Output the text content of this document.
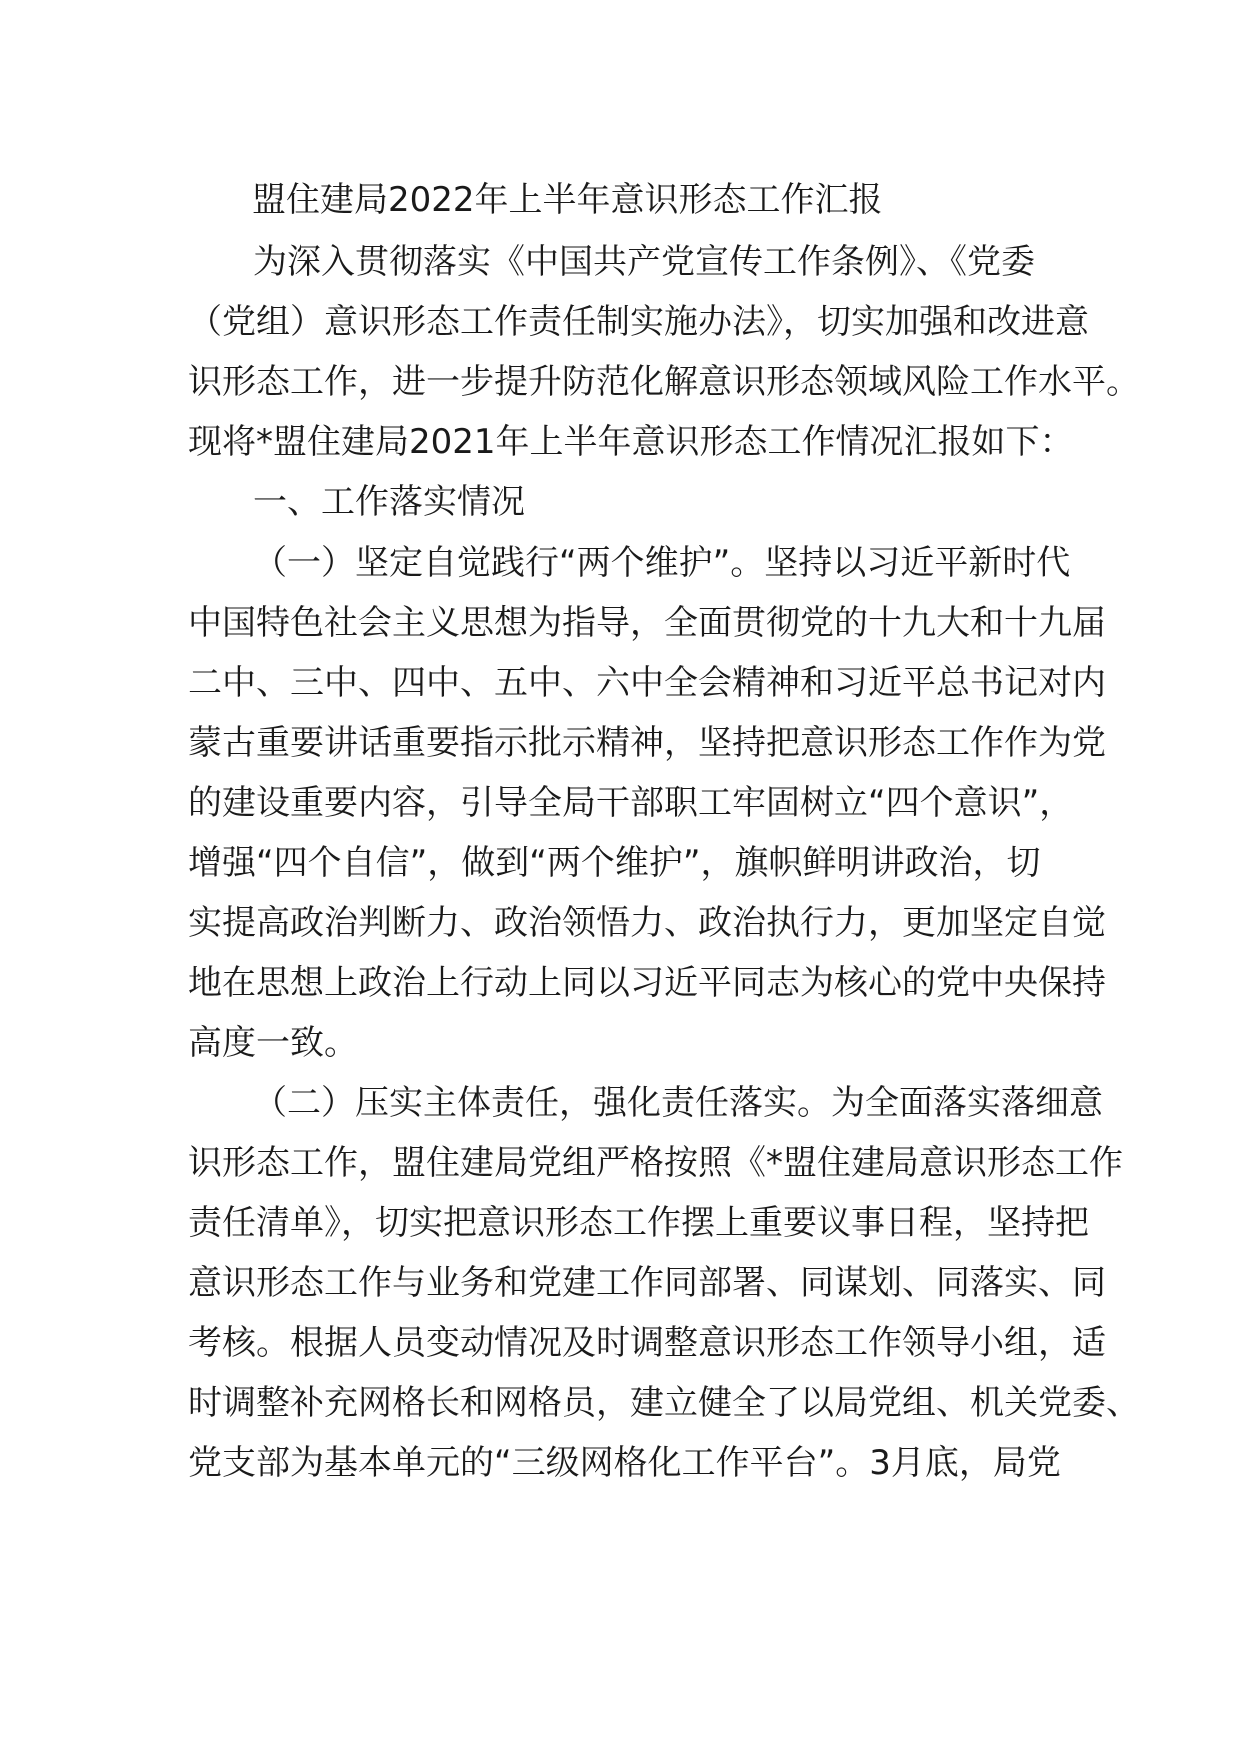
盟住建局2022年上半年意识形态工作汇报
为深入贯彻落实《中国共产党宣传工作条例》、《党委
（党组）意识形态工作责任制实施办法》，切实加强和改进意
识形态工作，进一步提升防范化解意识形态领域风险工作水平。
现将*盟住建局2021年上半年意识形态工作情况汇报如下：
一、工作落实情况
（一）坚定自觉践行“两个维护”。坚持以习近平新时代
中国特色社会主义思想为指导，全面贯彻党的十九大和十九届
二中、三中、四中、五中、六中全会精神和习近平总书记对内
蒙古重要讲话重要指示批示精神，坚持把意识形态工作作为党
的建设重要内容，引导全局干部职工牢固树立“四个意识”，
增强“四个自信”，做到“两个维护”，旗帜鲜明讲政治，切
实提高政治判断力、政治领悟力、政治执行力，更加坚定自觉
地在思想上政治上行动上同以习近平同志为核心的党中央保持
高度一致。
（二）压实主体责任，强化责任落实。为全面落实落细意
识形态工作，盟住建局党组严格按照《*盟住建局意识形态工作
责任清单》，切实把意识形态工作摆上重要议事日程，坚持把
意识形态工作与业务和党建工作同部署、同谋划、同落实、同
考核。根据人员变动情况及时调整意识形态工作领导小组，适
时调整补充网格长和网格员，建立健全了以局党组、机关党委、
党支部为基本单元的“三级网格化工作平台”。3月底，局党
